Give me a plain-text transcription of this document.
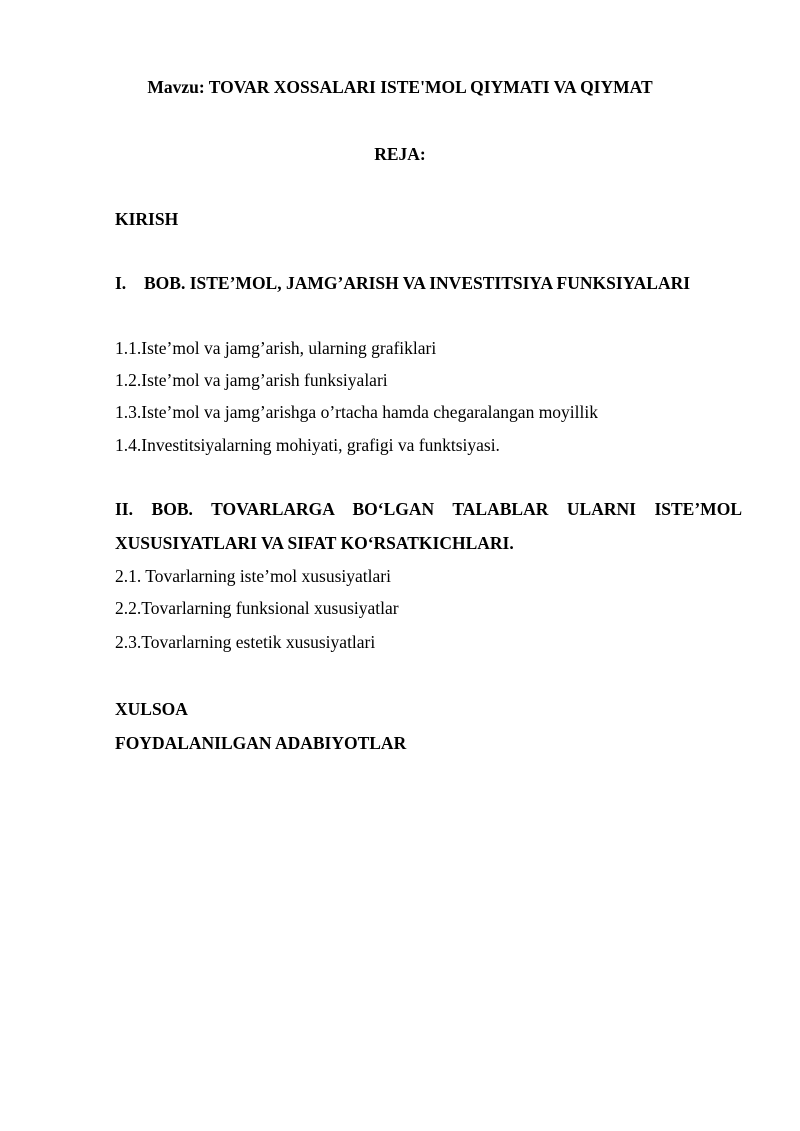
Mavzu: TOVAR XOSSALARI ISTE'MOL QIYMATI VA QIYMAT
REJA:
KIRISH
I. BOB. ISTE’MOL, JAMG’ARISH VA INVESTITSIYA FUNKSIYALARI
1.1.Iste’mol va jamg’arish, ularning grafiklari
1.2.Iste’mol va jamg’arish funksiyalari
1.3.Iste’mol va jamg’arishga o’rtacha hamda chegaralangan moyillik
1.4.Investitsiyalarning mohiyati, grafigi va funktsiyasi.
II. BOB. TOVARLARGA BO‘LGAN TALABLAR ULARNI ISTE’MOL
XUSUSIYATLARI VA SIFAT KO‘RSATKICHLARI.
2.1. Tovarlarning iste’mol xususiyatlari
2.2.Tovarlarning funksional xususiyatlar
2.3.Tovarlarning estetik xususiyatlari
XULSOA
FOYDALANILGAN ADABIYOTLAR
